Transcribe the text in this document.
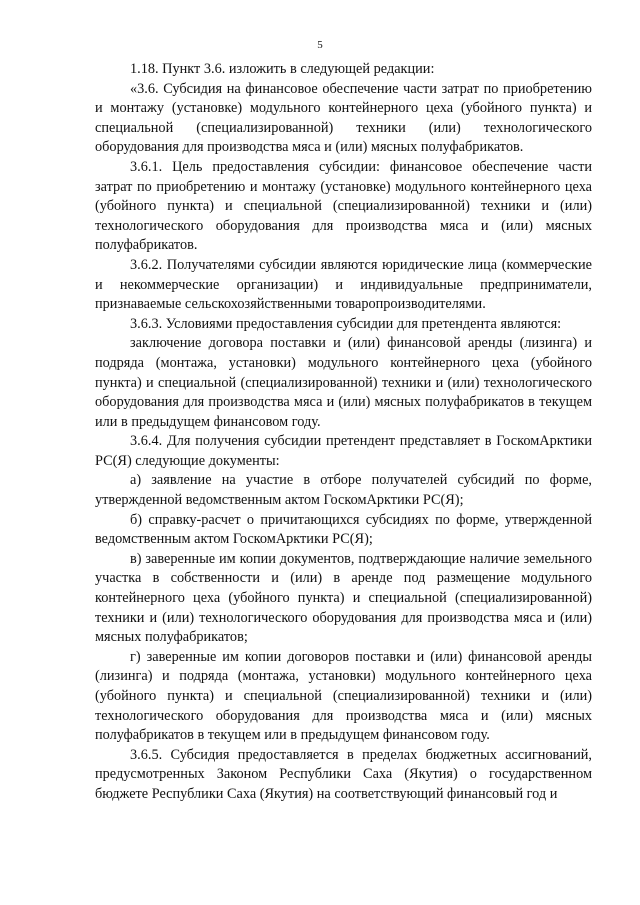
5

1.18. Пункт 3.6. изложить в следующей редакции:

«3.6. Субсидия на финансовое обеспечение части затрат по приобретению и монтажу (установке) модульного контейнерного цеха (убойного пункта) и специальной (специализированной) техники (или) технологического оборудования для производства мяса и (или) мясных полуфабрикатов.

3.6.1. Цель предоставления субсидии: финансовое обеспечение части затрат по приобретению и монтажу (установке) модульного контейнерного цеха (убойного пункта) и специальной (специализированной) техники и (или) технологического оборудования для производства мяса и (или) мясных полуфабрикатов.

3.6.2. Получателями субсидии являются юридические лица (коммерческие и некоммерческие организации) и индивидуальные предприниматели, признаваемые сельскохозяйственными товаропроизводителями.

3.6.3. Условиями предоставления субсидии для претендента являются:

заключение договора поставки и (или) финансовой аренды (лизинга) и подряда (монтажа, установки) модульного контейнерного цеха (убойного пункта) и специальной (специализированной) техники и (или) технологического оборудования для производства мяса и (или) мясных полуфабрикатов в текущем или в предыдущем финансовом году.

3.6.4. Для получения субсидии претендент представляет в ГоскомАрктики РС(Я) следующие документы:

а) заявление на участие в отборе получателей субсидий по форме, утвержденной ведомственным актом ГоскомАрктики РС(Я);

б) справку-расчет о причитающихся субсидиях по форме, утвержденной ведомственным актом ГоскомАрктики РС(Я);

в) заверенные им копии документов, подтверждающие наличие земельного участка в собственности и (или) в аренде под размещение модульного контейнерного цеха (убойного пункта) и специальной (специализированной) техники и (или) технологического оборудования для производства мяса и (или) мясных полуфабрикатов;

г) заверенные им копии договоров поставки и (или) финансовой аренды (лизинга) и подряда (монтажа, установки) модульного контейнерного цеха (убойного пункта) и специальной (специализированной) техники и (или) технологического оборудования для производства мяса и (или) мясных полуфабрикатов в текущем или в предыдущем финансовом году.

3.6.5. Субсидия предоставляется в пределах бюджетных ассигнований, предусмотренных Законом Республики Саха (Якутия) о государственном бюджете Республики Саха (Якутия) на соответствующий финансовый год и
